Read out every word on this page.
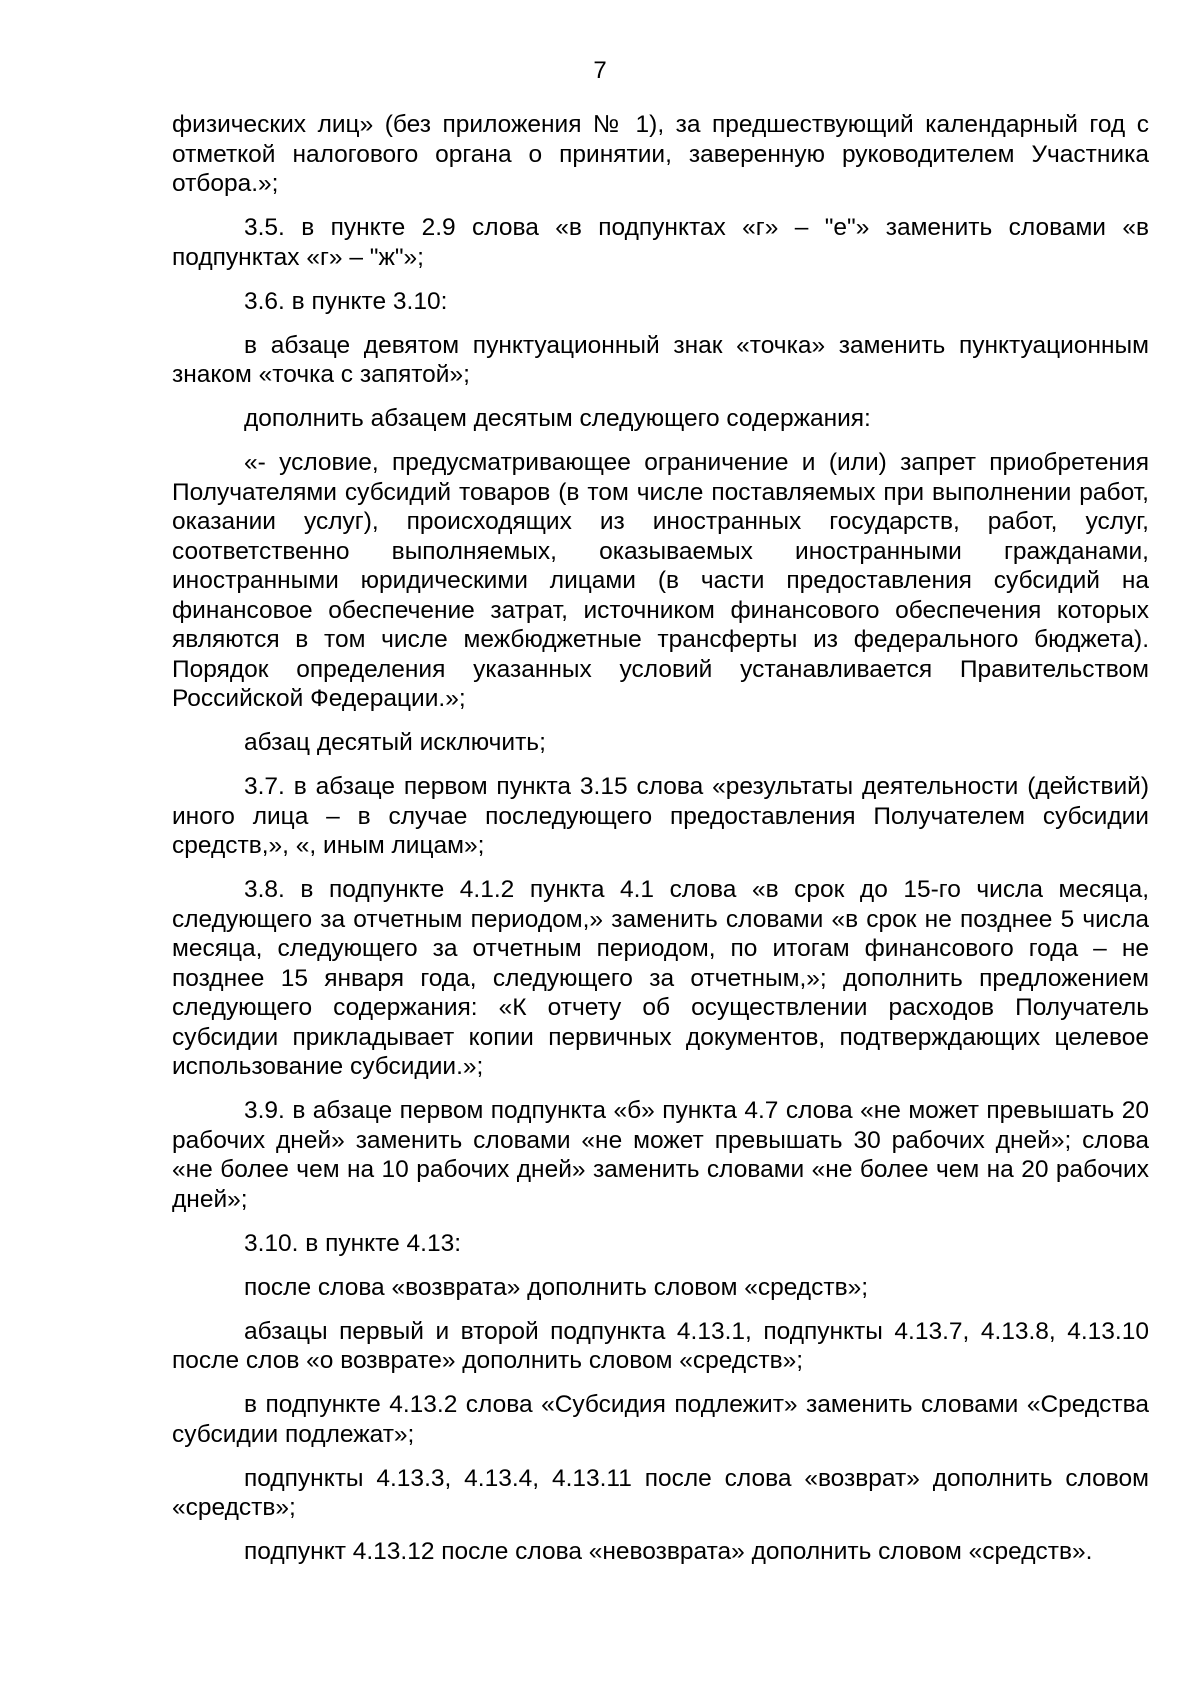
7

физических лиц» (без приложения № 1), за предшествующий календарный год с отметкой налогового органа о принятии, заверенную руководителем Участника отбора.»;

3.5. в пункте 2.9 слова «в подпунктах «г» – "е"» заменить словами «в подпунктах «г» – "ж"»;

3.6. в пункте 3.10:

в абзаце девятом пунктуационный знак «точка» заменить пунктуационным знаком «точка с запятой»;

дополнить абзацем десятым следующего содержания:

«- условие, предусматривающее ограничение и (или) запрет приобретения Получателями субсидий товаров (в том числе поставляемых при выполнении работ, оказании услуг), происходящих из иностранных государств, работ, услуг, соответственно выполняемых, оказываемых иностранными гражданами, иностранными юридическими лицами (в части предоставления субсидий на финансовое обеспечение затрат, источником финансового обеспечения которых являются в том числе межбюджетные трансферты из федерального бюджета). Порядок определения указанных условий устанавливается Правительством Российской Федерации.»;

абзац десятый исключить;

3.7. в абзаце первом пункта 3.15 слова «результаты деятельности (действий) иного лица – в случае последующего предоставления Получателем субсидии средств,», «, иным лицам»;

3.8. в подпункте 4.1.2 пункта 4.1 слова «в срок до 15-го числа месяца, следующего за отчетным периодом,» заменить словами «в срок не позднее 5 числа месяца, следующего за отчетным периодом, по итогам финансового года – не позднее 15 января года, следующего за отчетным,»; дополнить предложением следующего содержания: «К отчету об осуществлении расходов Получатель субсидии прикладывает копии первичных документов, подтверждающих целевое использование субсидии.»;

3.9. в абзаце первом подпункта «б» пункта 4.7 слова «не может превышать 20 рабочих дней» заменить словами «не может превышать 30 рабочих дней»; слова «не более чем на 10 рабочих дней» заменить словами «не более чем на 20 рабочих дней»;

3.10. в пункте 4.13:

после слова «возврата» дополнить словом «средств»;

абзацы первый и второй подпункта 4.13.1, подпункты 4.13.7, 4.13.8, 4.13.10 после слов «о возврате» дополнить словом «средств»;

в подпункте 4.13.2 слова «Субсидия подлежит» заменить словами «Средства субсидии подлежат»;

подпункты 4.13.3, 4.13.4, 4.13.11 после слова «возврат» дополнить словом «средств»;

подпункт 4.13.12 после слова «невозврата» дополнить словом «средств».
